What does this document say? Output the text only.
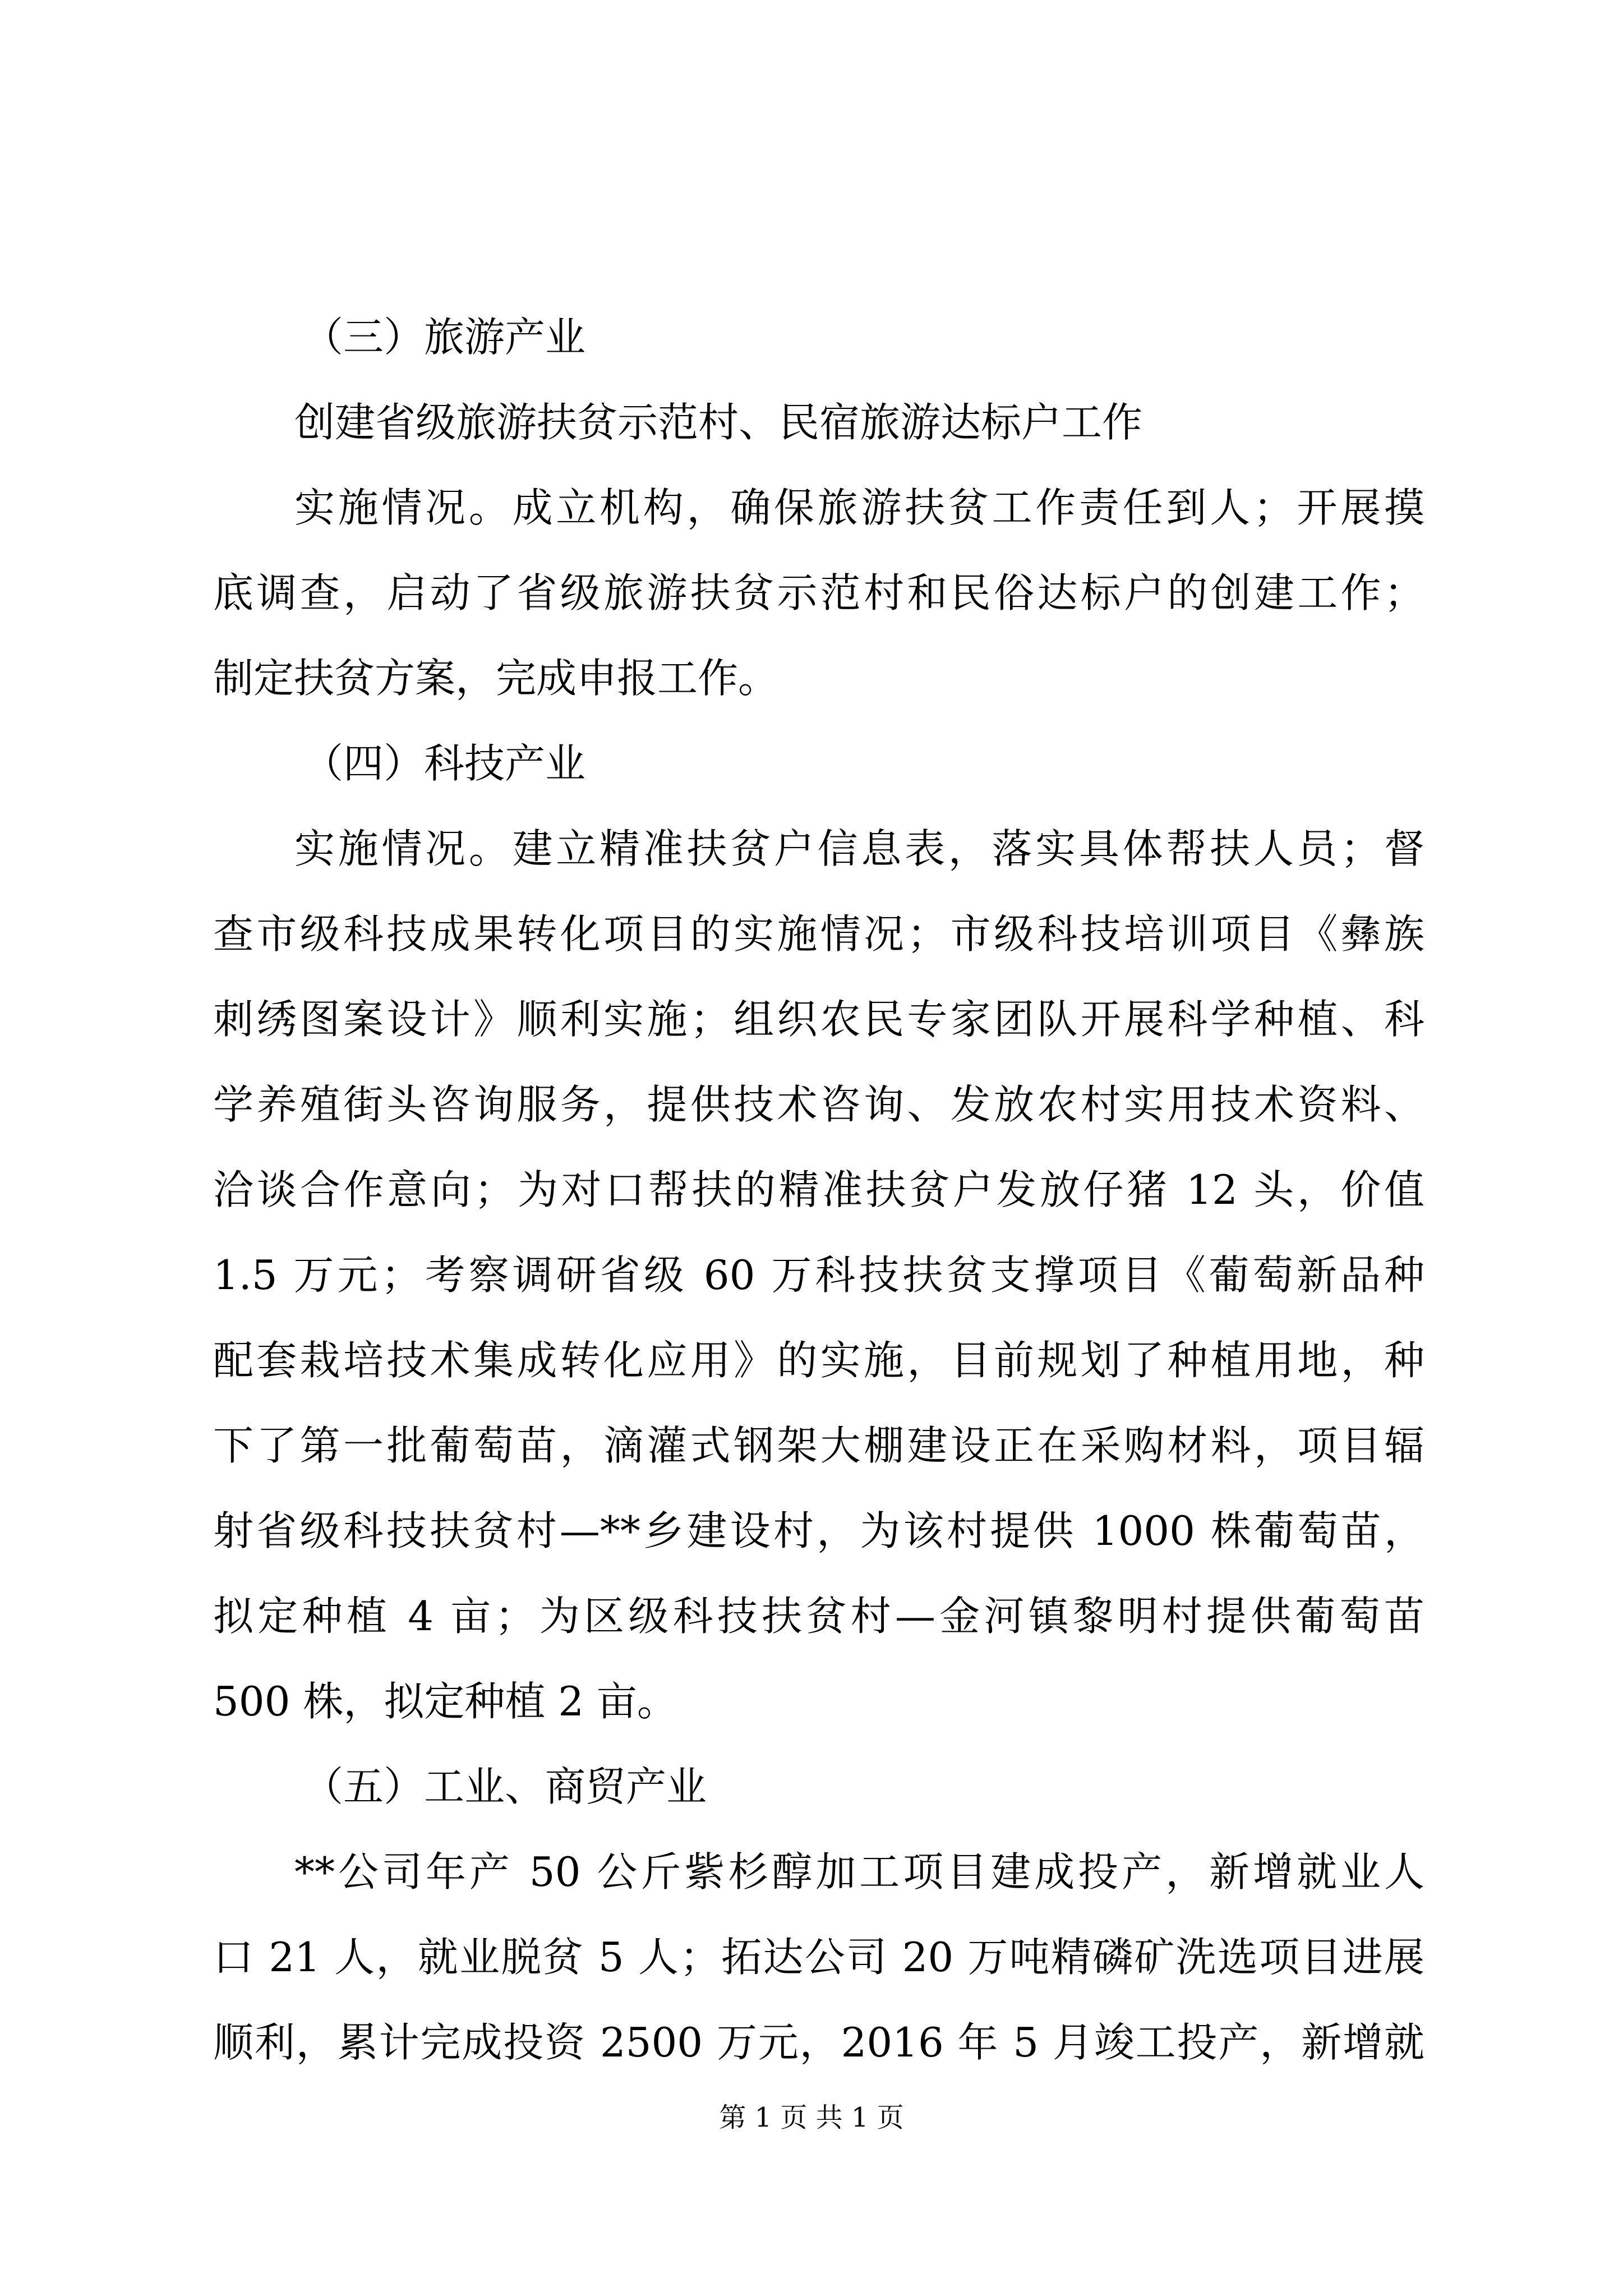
（三）旅游产业
创建省级旅游扶贫示范村、民宿旅游达标户工作
实施情况。成立机构，确保旅游扶贫工作责任到人；开展摸
底调查，启动了省级旅游扶贫示范村和民俗达标户的创建工作；
制定扶贫方案，完成申报工作。
（四）科技产业
实施情况。建立精准扶贫户信息表，落实具体帮扶人员；督
查市级科技成果转化项目的实施情况；市级科技培训项目《彝族
刺绣图案设计》顺利实施；组织农民专家团队开展科学种植、科
学养殖街头咨询服务，提供技术咨询、发放农村实用技术资料、
洽谈合作意向；为对口帮扶的精准扶贫户发放仔猪 12 头，价值
1.5 万元；考察调研省级 60 万科技扶贫支撑项目《葡萄新品种
配套栽培技术集成转化应用》的实施，目前规划了种植用地，种
下了第一批葡萄苗，滴灌式钢架大棚建设正在采购材料，项目辐
射省级科技扶贫村—**乡建设村，为该村提供 1000 株葡萄苗，
拟定种植 4 亩；为区级科技扶贫村—金河镇黎明村提供葡萄苗
500 株，拟定种植 2 亩。
（五）工业、商贸产业
**公司年产 50 公斤紫杉醇加工项目建成投产，新增就业人
口 21 人，就业脱贫 5 人；拓达公司 20 万吨精磷矿洗选项目进展
顺利，累计完成投资 2500 万元，2016 年 5 月竣工投产，新增就
第 1 页 共 1 页
